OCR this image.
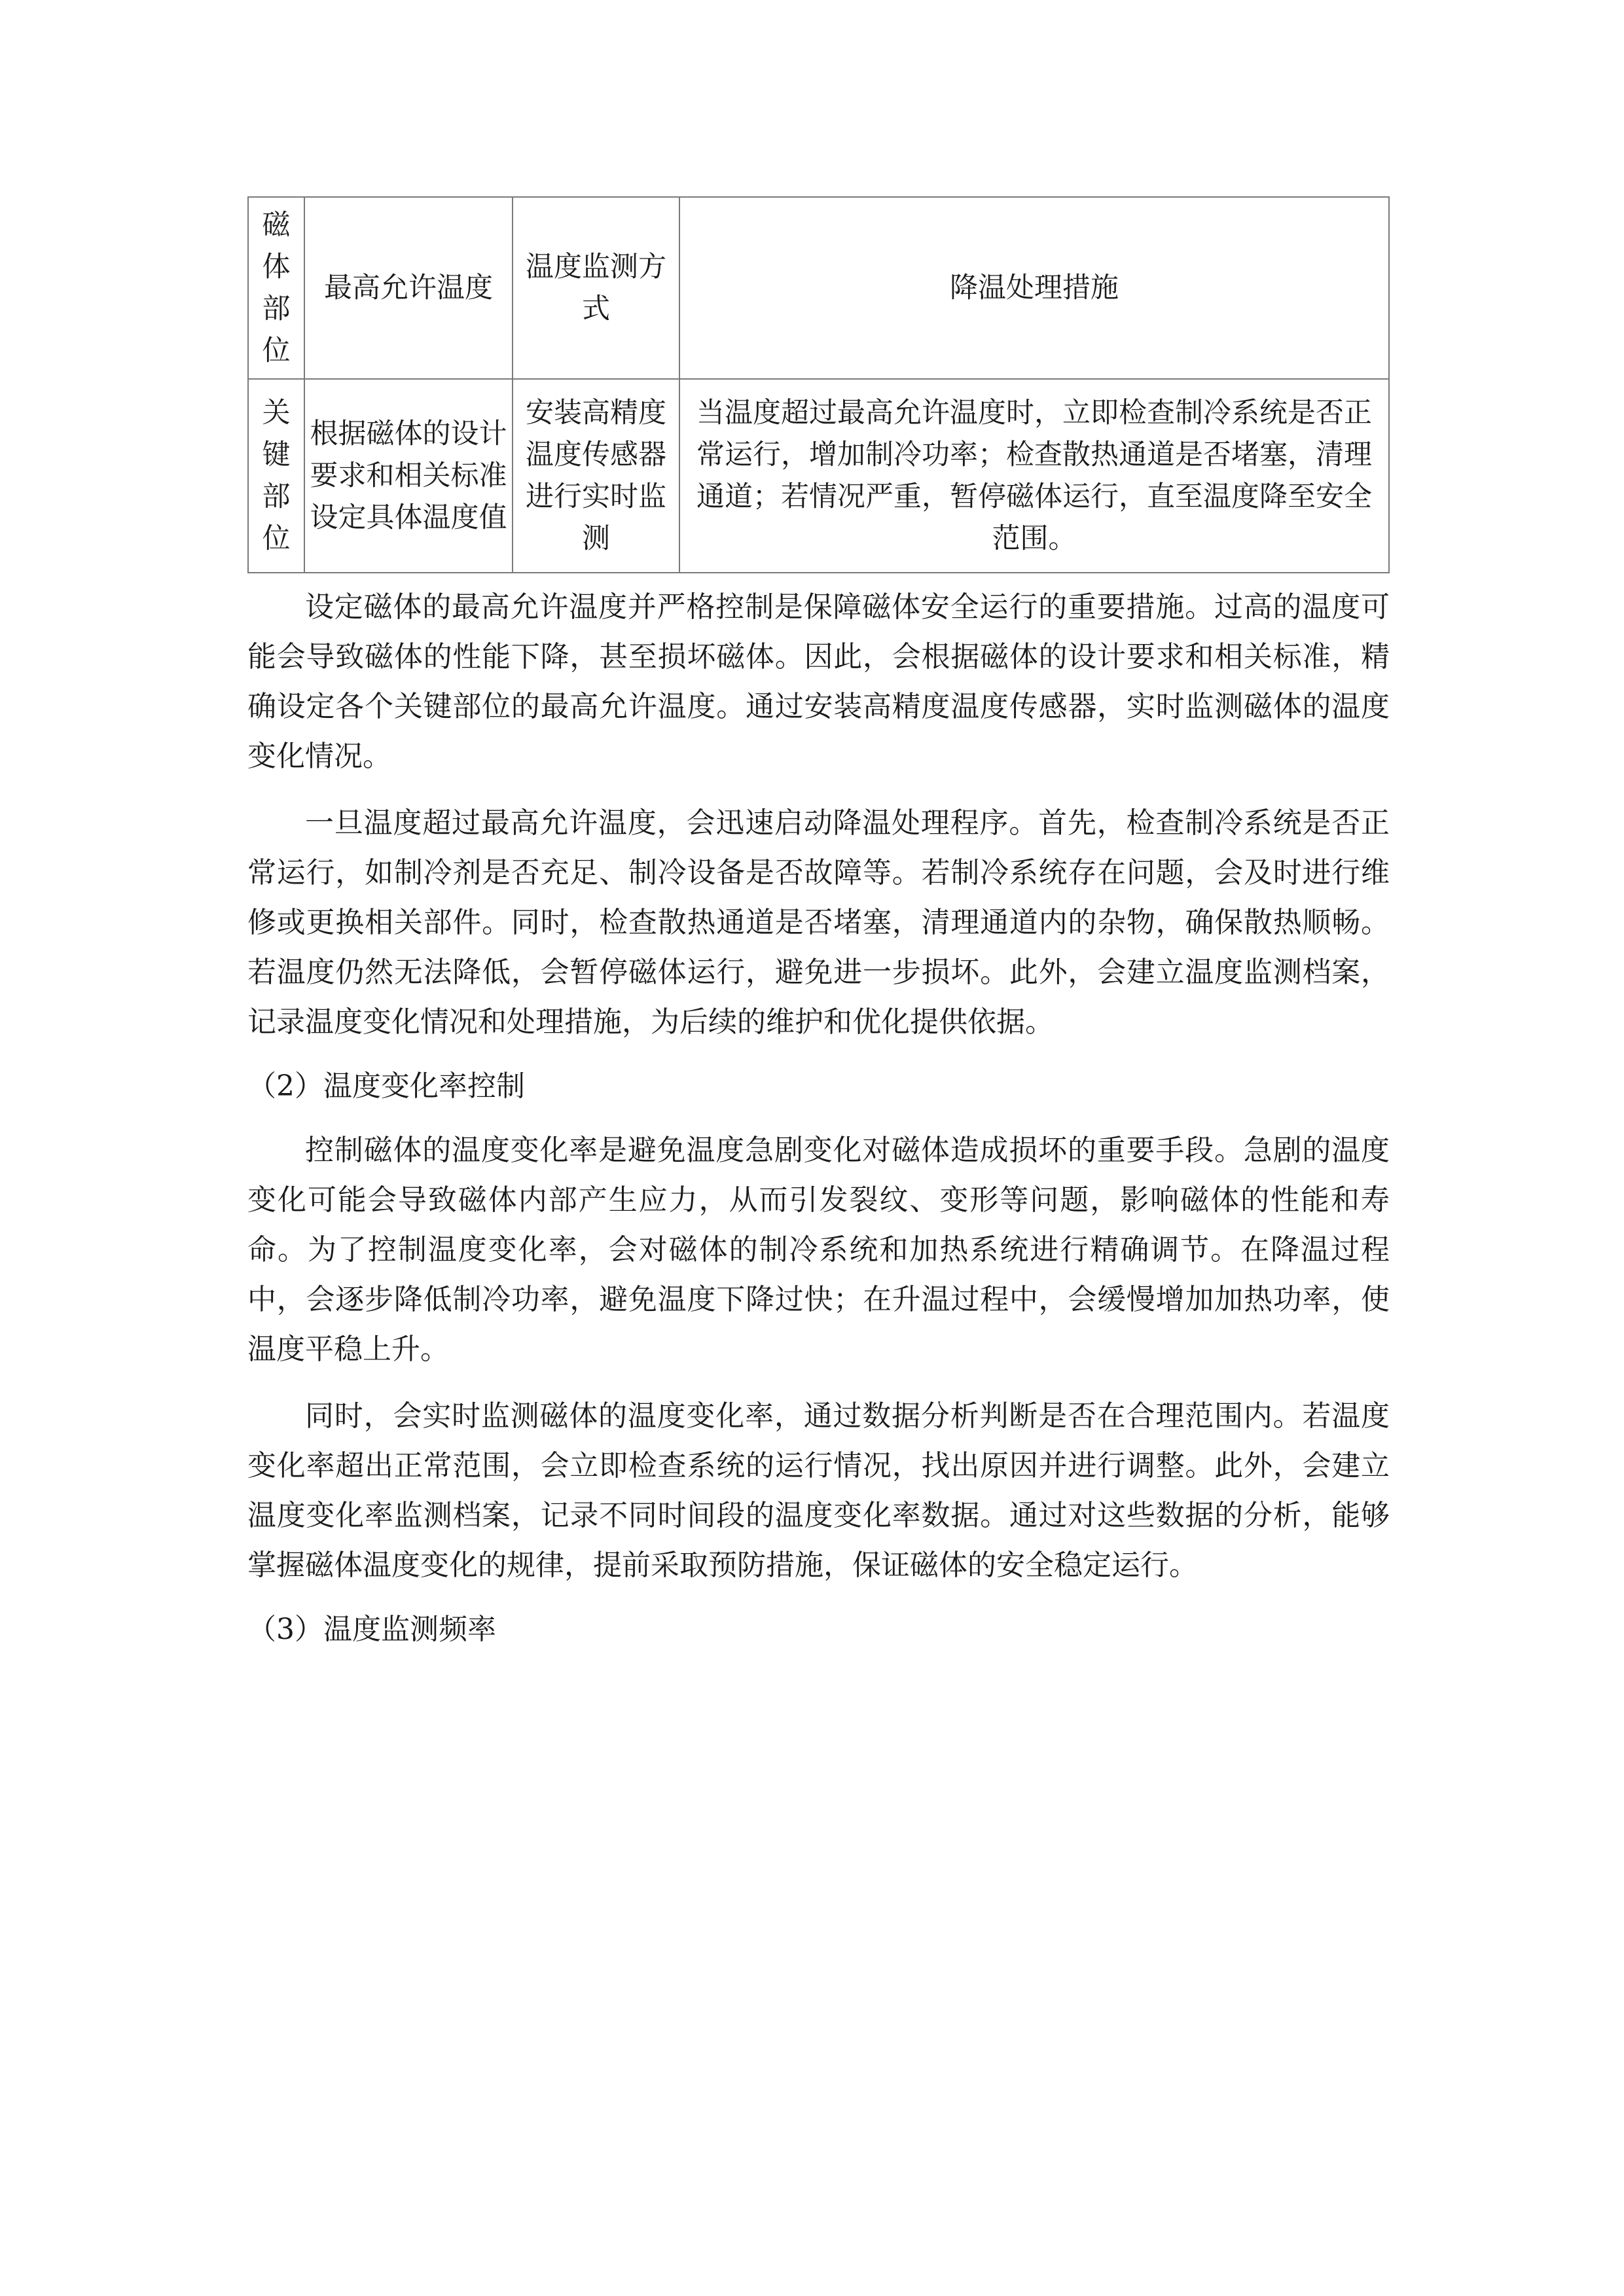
磁体部位	最高允许温度	温度监测方式	降温处理措施
关键部位	根据磁体的设计要求和相关标准设定具体温度值	安装高精度温度传感器进行实时监测	当温度超过最高允许温度时，立即检查制冷系统是否正常运行，增加制冷功率；检查散热通道是否堵塞，清理通道；若情况严重，暂停磁体运行，直至温度降至安全范围。

设定磁体的最高允许温度并严格控制是保障磁体安全运行的重要措施。过高的温度可能会导致磁体的性能下降，甚至损坏磁体。因此，会根据磁体的设计要求和相关标准，精确设定各个关键部位的最高允许温度。通过安装高精度温度传感器，实时监测磁体的温度变化情况。

一旦温度超过最高允许温度，会迅速启动降温处理程序。首先，检查制冷系统是否正常运行，如制冷剂是否充足、制冷设备是否故障等。若制冷系统存在问题，会及时进行维修或更换相关部件。同时，检查散热通道是否堵塞，清理通道内的杂物，确保散热顺畅。若温度仍然无法降低，会暂停磁体运行，避免进一步损坏。此外，会建立温度监测档案，记录温度变化情况和处理措施，为后续的维护和优化提供依据。

（2）温度变化率控制

控制磁体的温度变化率是避免温度急剧变化对磁体造成损坏的重要手段。急剧的温度变化可能会导致磁体内部产生应力，从而引发裂纹、变形等问题，影响磁体的性能和寿命。为了控制温度变化率，会对磁体的制冷系统和加热系统进行精确调节。在降温过程中，会逐步降低制冷功率，避免温度下降过快；在升温过程中，会缓慢增加加热功率，使温度平稳上升。

同时，会实时监测磁体的温度变化率，通过数据分析判断是否在合理范围内。若温度变化率超出正常范围，会立即检查系统的运行情况，找出原因并进行调整。此外，会建立温度变化率监测档案，记录不同时间段的温度变化率数据。通过对这些数据的分析，能够掌握磁体温度变化的规律，提前采取预防措施，保证磁体的安全稳定运行。

（3）温度监测频率
